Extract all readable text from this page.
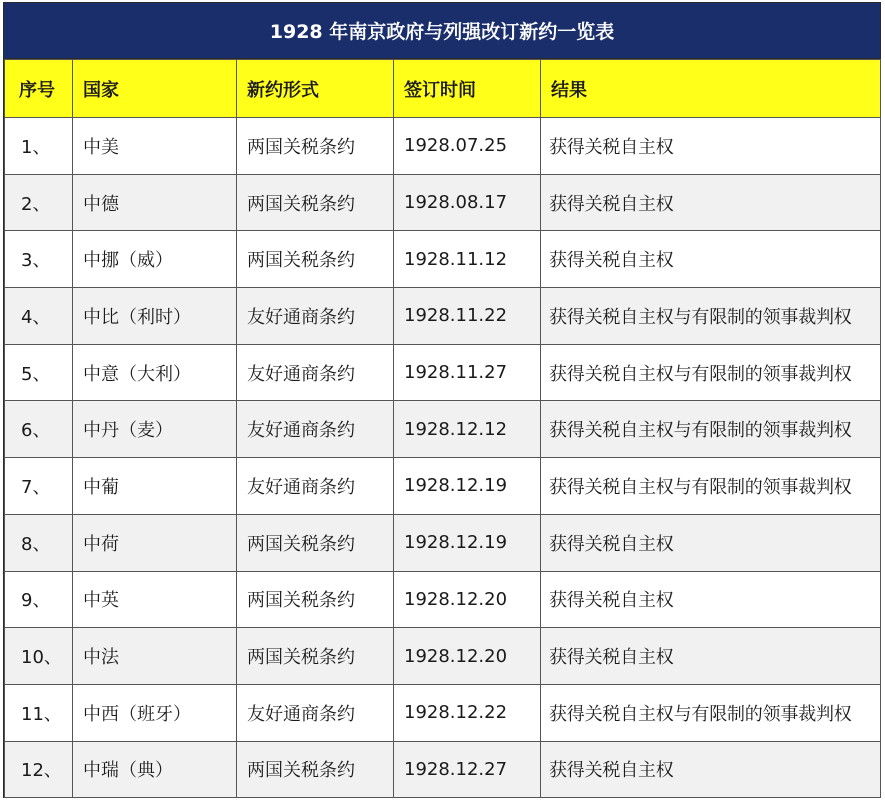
1928 年南京政府与列强改订新约一览表
序号	国家	新约形式	签订时间	结果
1、	中美	两国关税条约	1928.07.25	获得关税自主权
2、	中德	两国关税条约	1928.08.17	获得关税自主权
3、	中挪（威）	两国关税条约	1928.11.12	获得关税自主权
4、	中比（利时）	友好通商条约	1928.11.22	获得关税自主权与有限制的领事裁判权
5、	中意（大利）	友好通商条约	1928.11.27	获得关税自主权与有限制的领事裁判权
6、	中丹（麦）	友好通商条约	1928.12.12	获得关税自主权与有限制的领事裁判权
7、	中葡	友好通商条约	1928.12.19	获得关税自主权与有限制的领事裁判权
8、	中荷	两国关税条约	1928.12.19	获得关税自主权
9、	中英	两国关税条约	1928.12.20	获得关税自主权
10、	中法	两国关税条约	1928.12.20	获得关税自主权
11、	中西（班牙）	友好通商条约	1928.12.22	获得关税自主权与有限制的领事裁判权
12、	中瑞（典）	两国关税条约	1928.12.27	获得关税自主权
